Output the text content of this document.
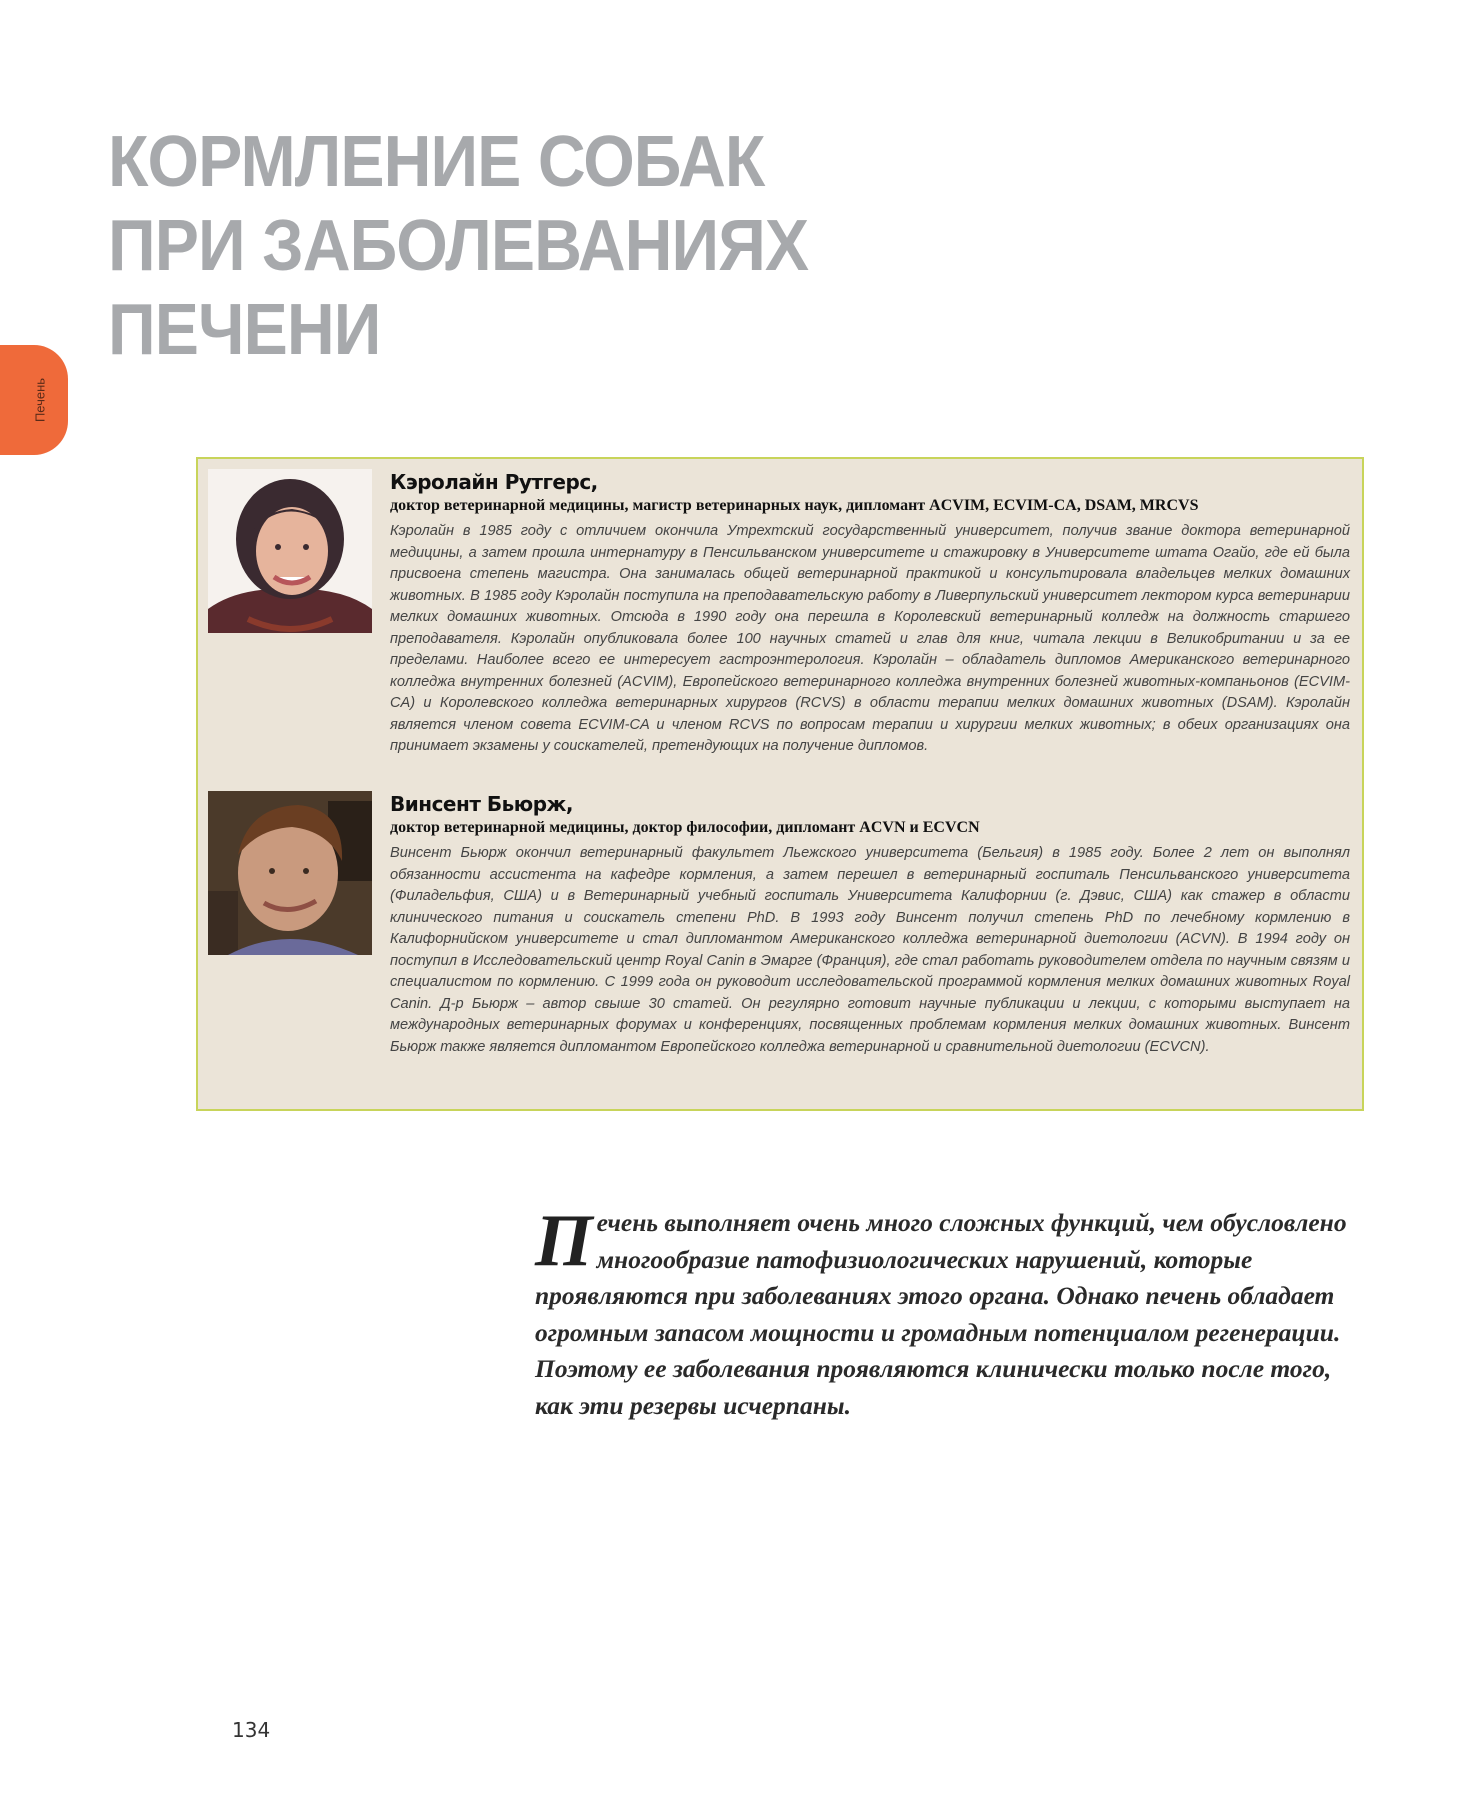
Печень
КОРМЛЕНИЕ СОБАК
ПРИ ЗАБОЛЕВАНИЯХ
ПЕЧЕНИ
Кэролайн Рутгерс,
доктор ветеринарной медицины, магистр ветеринарных наук, дипломант ACVIM, ECVIM-CA, DSAM, MRCVS

Кэролайн в 1985 году с отличием окончила Утрехтский государственный университет, получив звание доктора ветеринарной медицины, а затем прошла интернатуру в Пенсильванском университете и стажировку в Университете штата Огайо, где ей была присвоена степень магистра. Она занималась общей ветеринарной практикой и консультировала владельцев мелких домашних животных. В 1985 году Кэролайн поступила на преподавательскую работу в Ливерпульский университет лектором курса ветеринарии мелких домашних животных. Отсюда в 1990 году она перешла в Королевский ветеринарный колледж на должность старшего преподавателя. Кэролайн опубликовала более 100 научных статей и глав для книг, читала лекции в Великобритании и за ее пределами. Наиболее всего ее интересует гастроэнтерология. Кэролайн – обладатель дипломов Американского ветеринарного колледжа внутренних болезней (ACVIM), Европейского ветеринарного колледжа внутренних болезней животных-компаньонов (ECVIM-CA) и Королевского колледжа ветеринарных хирургов (RCVS) в области терапии мелких домашних животных (DSAM). Кэролайн является членом совета ECVIM-CA и членом RCVS по вопросам терапии и хирургии мелких животных; в обеих организациях она принимает экзамены у соискателей, претендующих на получение дипломов.

Винсент Бьюрж,
доктор ветеринарной медицины, доктор философии, дипломант ACVN и ECVCN

Винсент Бьюрж окончил ветеринарный факультет Льежского университета (Бельгия) в 1985 году. Более 2 лет он выполнял обязанности ассистента на кафедре кормления, а затем перешел в ветеринарный госпиталь Пенсильванского университета (Филадельфия, США) и в Ветеринарный учебный госпиталь Университета Калифорнии (г. Дэвис, США) как стажер в области клинического питания и соискатель степени PhD. В 1993 году Винсент получил степень PhD по лечебному кормлению в Калифорнийском университете и стал дипломантом Американского колледжа ветеринарной диетологии (ACVN). В 1994 году он поступил в Исследовательский центр Royal Canin в Эмарге (Франция), где стал работать руководителем отдела по научным связям и специалистом по кормлению. С 1999 года он руководит исследовательской программой кормления мелких домашних животных Royal Canin. Д-р Бьюрж – автор свыше 30 статей. Он регулярно готовит научные публикации и лекции, с которыми выступает на международных ветеринарных форумах и конференциях, посвященных проблемам кормления мелких домашних животных. Винсент Бьюрж также является дипломантом Европейского колледжа ветеринарной и сравнительной диетологии (ECVCN).

Печень выполняет очень много сложных функций, чем обусловлено многообразие патофизиологических нарушений, которые проявляются при заболеваниях этого органа. Однако печень обладает огромным запасом мощности и громадным потенциалом регенерации. Поэтому ее заболевания проявляются клинически только после того, как эти резервы исчерпаны.

134
